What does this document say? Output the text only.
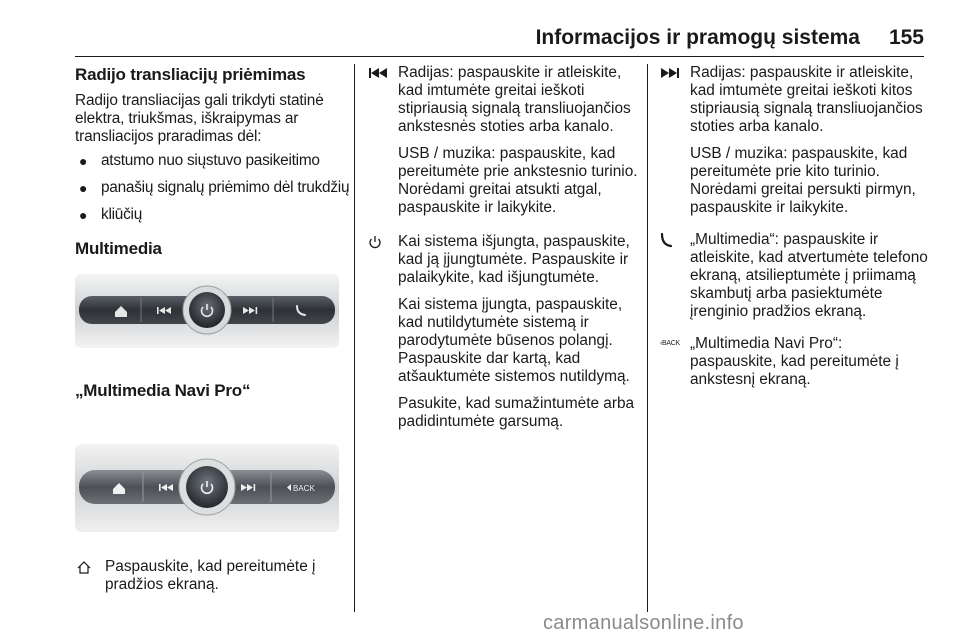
Informacijos ir pramogų sistema 155

Radijo transliacijų priėmimas

Radijo transliacijas gali trikdyti statinė elektra, triukšmas, iškraipymas ar transliacijos praradimas dėl:

● atstumo nuo siųstuvo pasikeitimo
● panašių signalų priėmimo dėl trukdžių
● kliūčių

Multimedia

„Multimedia Navi Pro“

BACK

Paspauskite, kad pereitumėte į pradžios ekraną.

Radijas: paspauskite ir atleiskite, kad imtumėte greitai ieškoti stipriausią signalą transliuojančios ankstesnės stoties arba kanalo.

USB / muzika: paspauskite, kad pereitumėte prie ankstesnio turinio. Norėdami greitai atsukti atgal, paspauskite ir laikykite.

Kai sistema išjungta, paspauskite, kad ją įjungtumėte. Paspauskite ir palaikykite, kad išjungtumėte.

Kai sistema įjungta, paspauskite, kad nutildytumėte sistemą ir parodytumėte būsenos polangį. Paspauskite dar kartą, kad atšauktumėte sistemos nutildymą.

Pasukite, kad sumažintumėte arba padidintumėte garsumą.

Radijas: paspauskite ir atleiskite, kad imtumėte greitai ieškoti kitos stipriausią signalą transliuojančios stoties arba kanalo.

USB / muzika: paspauskite, kad pereitumėte prie kito turinio. Norėdami greitai persukti pirmyn, paspauskite ir laikykite.

„Multimedia“: paspauskite ir atleiskite, kad atvertumėte telefono ekraną, atsilieptumėte į priimamą skambutį arba pasiektumėte įrenginio pradžios ekraną.

‹BACK „Multimedia Navi Pro“: paspauskite, kad pereitumėte į ankstesnį ekraną.

carmanualsonline.info
